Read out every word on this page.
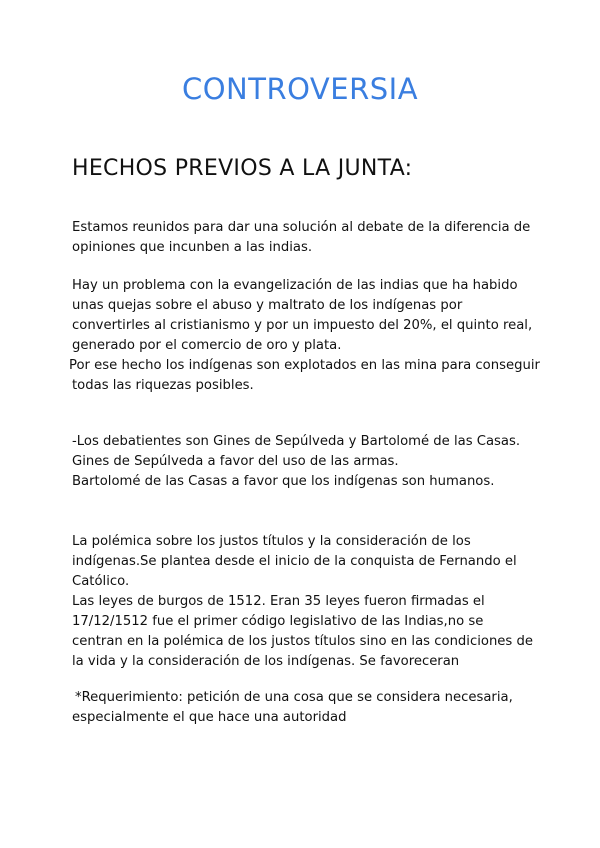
CONTROVERSIA
HECHOS PREVIOS A LA JUNTA:
Estamos reunidos para dar una solución al debate de la diferencia de
opiniones que incunben a las indias.
Hay un problema con la evangelización de las indias que ha habido
unas quejas sobre el abuso y maltrato de los indígenas por
convertirles al cristianismo y por un impuesto del 20%, el quinto real,
generado por el comercio de oro y plata.
Por ese hecho los indígenas son explotados en las mina para conseguir
todas las riquezas posibles.
-Los debatientes son Gines de Sepúlveda y Bartolomé de las Casas.
Gines de Sepúlveda a favor del uso de las armas.
Bartolomé de las Casas a favor que los indígenas son humanos.
La polémica sobre los justos títulos y la consideración de los
indígenas.Se plantea desde el inicio de la conquista de Fernando el
Católico.
Las leyes de burgos de 1512. Eran 35 leyes fueron firmadas el
17/12/1512 fue el primer código legislativo de las Indias,no se
centran en la polémica de los justos títulos sino en las condiciones de
la vida y la consideración de los indígenas. Se favoreceran
*Requerimiento: petición de una cosa que se considera necesaria,
especialmente el que hace una autoridad
